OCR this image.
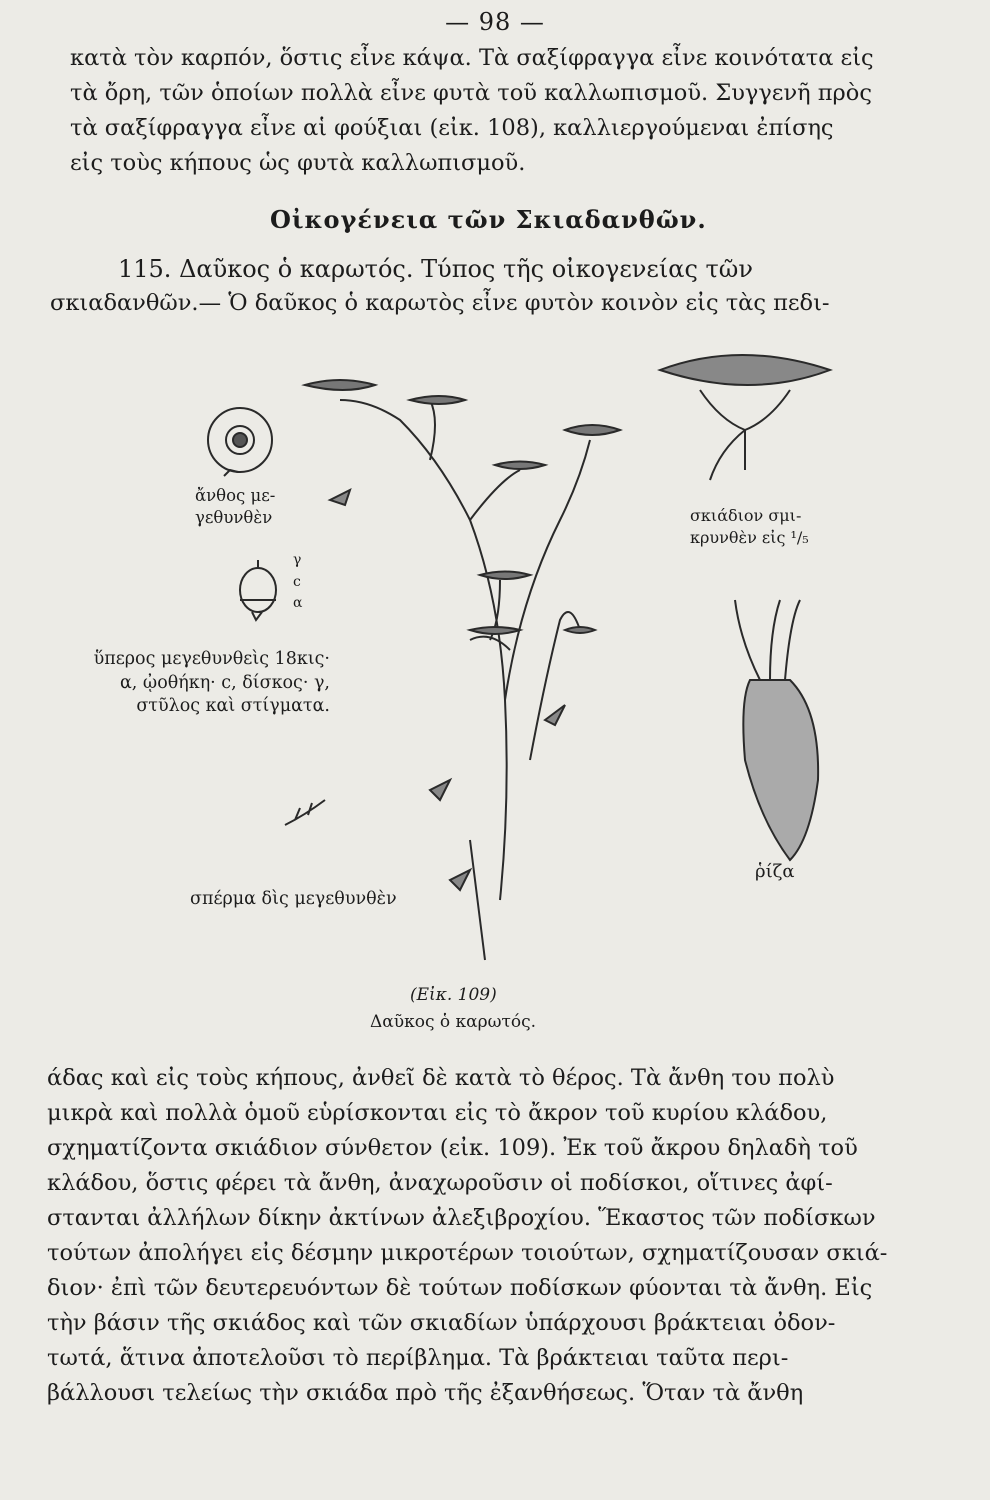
— 98 —
κατὰ τὸν καρπόν, ὅστις εἶνε κάψα. Τὰ σαξίφραγγα εἶνε κοινότατα εἰς
τὰ ὄρη, τῶν ὁποίων πολλὰ εἶνε φυτὰ τοῦ καλλωπισμοῦ. Συγγενῆ πρὸς
τὰ σαξίφραγγα εἶνε αἱ φούξιαι (εἰκ. 108), καλλιεργούμεναι ἐπίσης
εἰς τοὺς κήπους ὡς φυτὰ καλλωπισμοῦ.
Οἰκογένεια τῶν Σκιαδανθῶν.
115. Δαῦκος ὁ καρωτός. Τύπος τῆς οἰκογενείας τῶν
σκιαδανθῶν.— Ὁ δαῦκος ὁ καρωτὸς εἶνε φυτὸν κοινὸν εἰς τὰς πεδι-
ἄνθος με-
γεθυνθὲν
γ
c
α
ὕπερος μεγεθυνθεὶς 18κις·
α, ᾠοθήκη· c, δίσκος· γ,
στῦλος καὶ στίγματα.
σπέρμα δὶς μεγεθυνθὲν
σκιάδιον σμι-
κρυνθὲν εἰς ¹/₅
ῥίζα
(Εἰκ. 109)
Δαῦκος ὁ καρωτός.
άδας καὶ εἰς τοὺς κήπους, ἀνθεῖ δὲ κατὰ τὸ θέρος. Τὰ ἄνθη του πολὺ
μικρὰ καὶ πολλὰ ὁμοῦ εὑρίσκονται εἰς τὸ ἄκρον τοῦ κυρίου κλάδου,
σχηματίζοντα σκιάδιον σύνθετον (εἰκ. 109). Ἐκ τοῦ ἄκρου δηλαδὴ τοῦ
κλάδου, ὅστις φέρει τὰ ἄνθη, ἀναχωροῦσιν οἱ ποδίσκοι, οἵτινες ἀφί-
στανται ἀλλήλων δίκην ἀκτίνων ἀλεξιβροχίου. Ἕκαστος τῶν ποδίσκων
τούτων ἀπολήγει εἰς δέσμην μικροτέρων τοιούτων, σχηματίζουσαν σκιά-
διον· ἐπὶ τῶν δευτερευόντων δὲ τούτων ποδίσκων φύονται τὰ ἄνθη. Εἰς
τὴν βάσιν τῆς σκιάδος καὶ τῶν σκιαδίων ὑπάρχουσι βράκτειαι ὀδον-
τωτά, ἅτινα ἀποτελοῦσι τὸ περίβλημα. Τὰ βράκτειαι ταῦτα περι-
βάλλουσι τελείως τὴν σκιάδα πρὸ τῆς ἐξανθήσεως. Ὅταν τὰ ἄνθη
